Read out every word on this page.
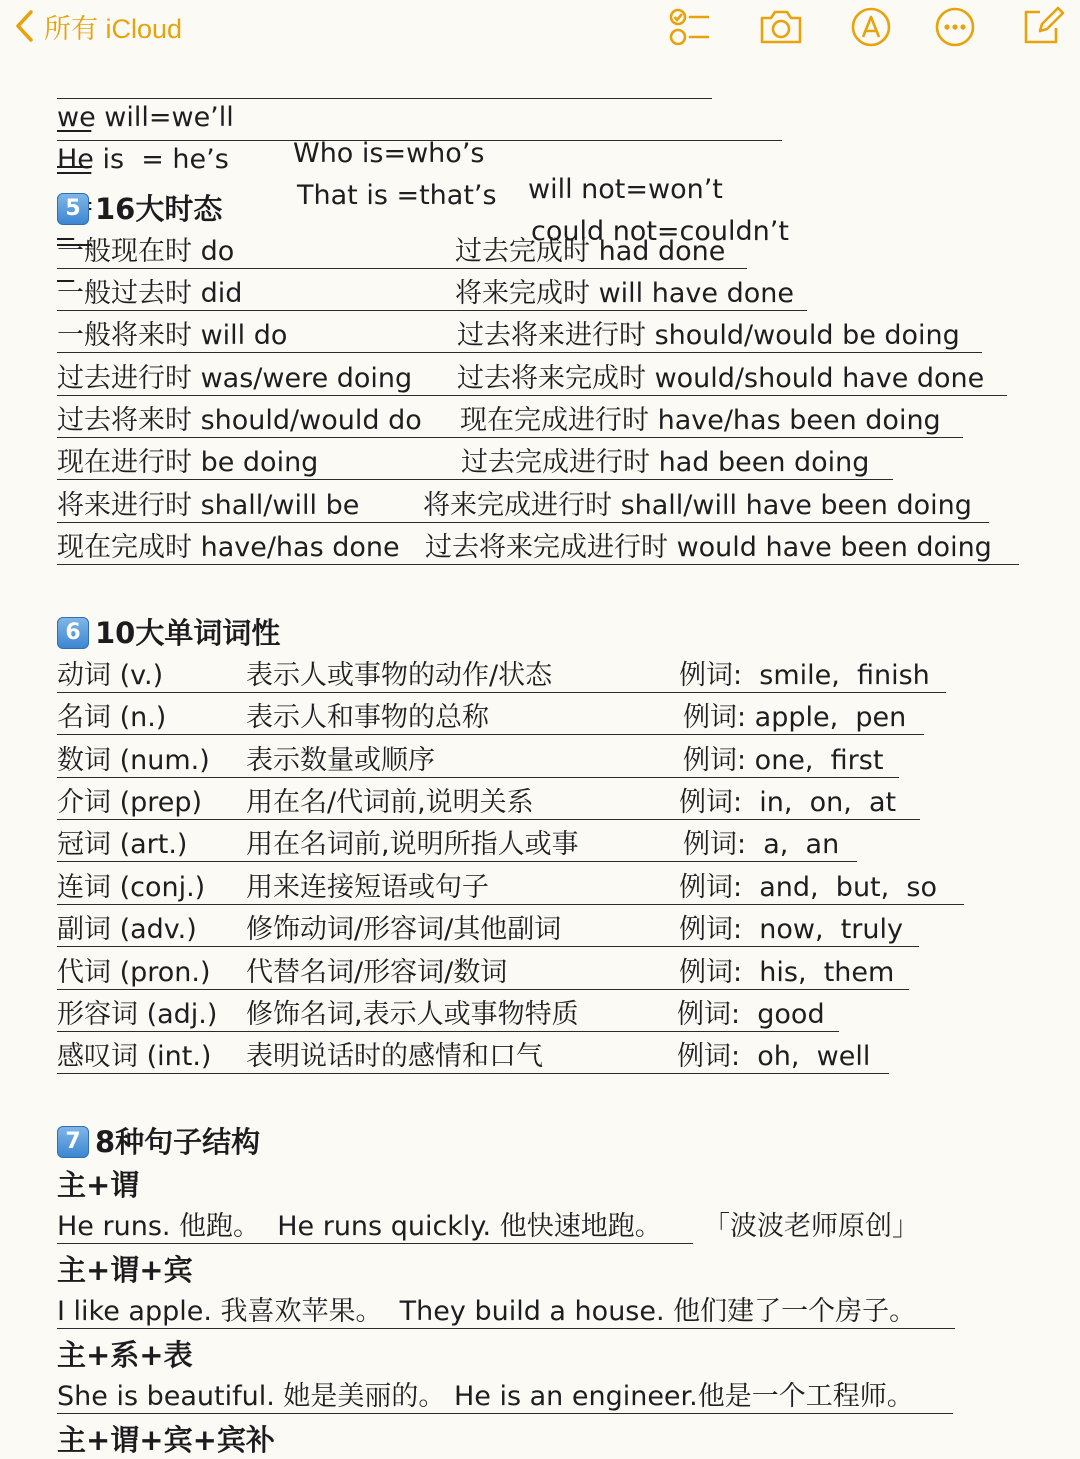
所有 iCloud

we will=we’ll

Who is=who’s

will not=won’t

He is  = he’s

That is =that’s

could not=couldn’t

5 16大时态
一般现在时 do	过去完成时 had done
一般过去时 did	将来完成时 will have done
一般将来时 will do	过去将来进行时 should/would be doing
过去进行时 was/were doing 过去将来完成时 would/should have done
过去将来时 should/would do 现在完成进行时 have/has been doing
现在进行时 be doing	过去完成进行时 had been doing
将来进行时 shall/will be 将来完成进行时 shall/will have been doing
现在完成时 have/has done 过去将来完成进行时 would have been doing
6 10大单词词性
动词 (v.)	表示人或事物的动作/状态	例词:  smile,  finish
名词 (n.)	表示人和事物的总称	例词: apple,  pen
数词 (num.) 表示数量或顺序	例词: one,  first
介词 (prep) 用在名/代词前,说明关系	例词:  in,  on,  at
冠词 (art.) 用在名词前,说明所指人或事	例词:  a,  an
连词 (conj.) 用来连接短语或句子	例词:  and,  but,  so
副词 (adv.) 修饰动词/形容词/其他副词	例词:  now,  truly
代词 (pron.) 代替名词/形容词/数词	例词:  his,  them
形容词 (adj.) 修饰名词,表示人或事物特质	例词:  good
感叹词 (int.) 表明说话时的感情和口气	例词:  oh,  well
7 8种句子结构
主+谓
He runs. 他跑。  He runs quickly. 他快速地跑。 「波波老师原创」
主+谓+宾
I like apple. 我喜欢苹果。  They build a house. 他们建了一个房子。
主+系+表
She is beautiful. 她是美丽的。 He is an engineer.他是一个工程师。
主+谓+宾+宾补
